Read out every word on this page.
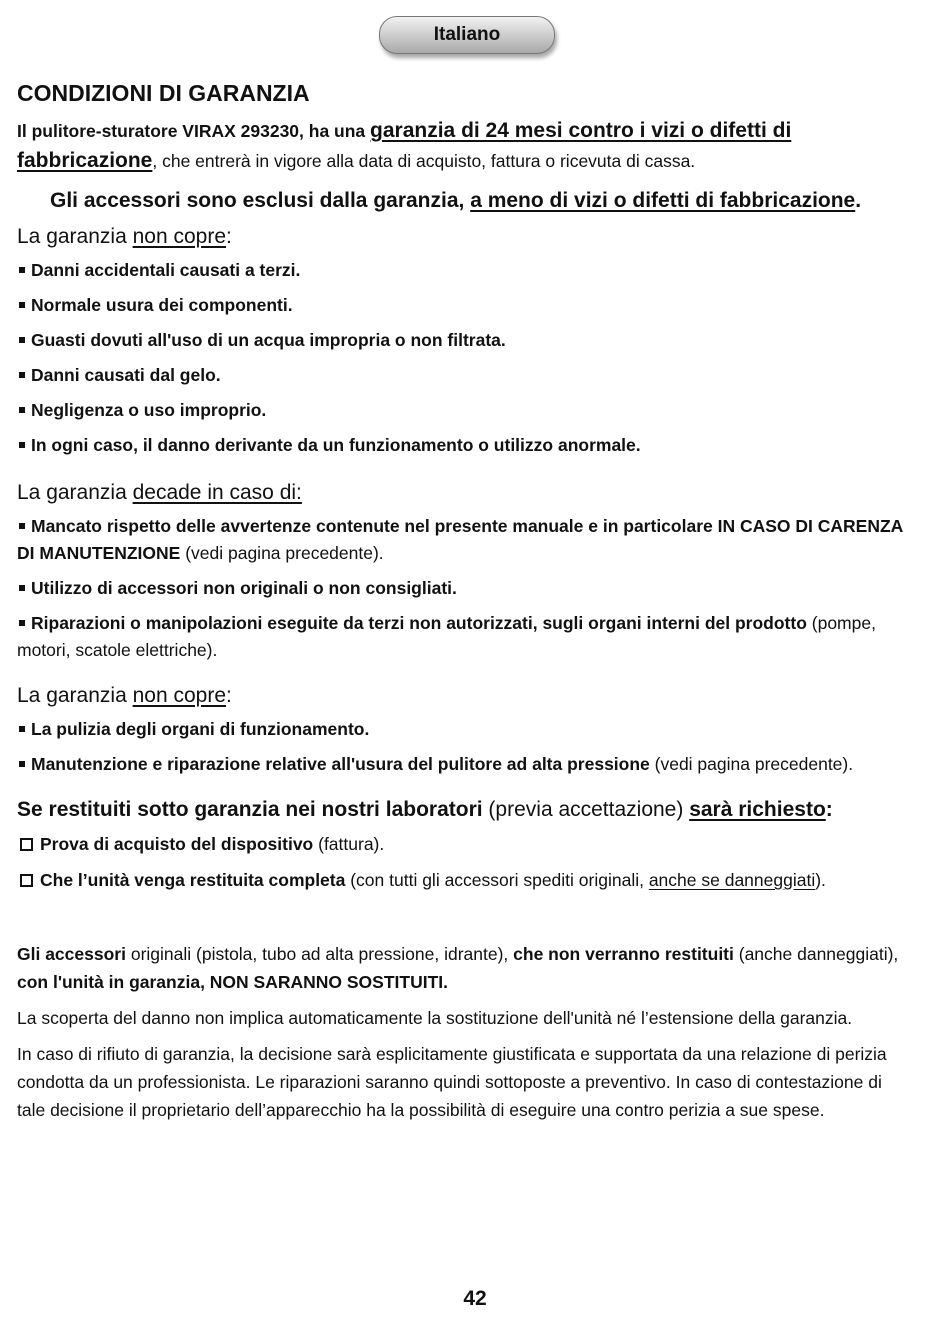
Italiano
CONDIZIONI DI GARANZIA

Il pulitore-sturatore VIRAX 293230, ha una garanzia di 24 mesi contro i vizi o difetti di fabbricazione, che entrerà in vigore alla data di acquisto, fattura o ricevuta di cassa.

Gli accessori sono esclusi dalla garanzia, a meno di vizi o difetti di fabbricazione.

La garanzia non copre:

Danni accidentali causati a terzi.

Normale usura dei componenti.

Guasti dovuti all'uso di un acqua impropria o non filtrata.

Danni causati dal gelo.

Negligenza o uso improprio.

In ogni caso, il danno derivante da un funzionamento o utilizzo anormale.

La garanzia decade in caso di:

Mancato rispetto delle avvertenze contenute nel presente manuale e in particolare IN CASO DI CARENZA DI MANUTENZIONE (vedi pagina precedente).

Utilizzo di accessori non originali o non consigliati.

Riparazioni o manipolazioni eseguite da terzi non autorizzati, sugli organi interni del prodotto (pompe, motori, scatole elettriche).

La garanzia non copre:

La pulizia degli organi di funzionamento.

Manutenzione e riparazione relative all'usura del pulitore ad alta pressione (vedi pagina precedente).

Se restituiti sotto garanzia nei nostri laboratori (previa accettazione) sarà richiesto:

Prova di acquisto del dispositivo (fattura).

Che l’unità venga restituita completa (con tutti gli accessori spediti originali, anche se danneggiati).

Gli accessori originali (pistola, tubo ad alta pressione, idrante), che non verranno restituiti (anche danneggiati), con l'unità in garanzia, NON SARANNO SOSTITUITI.

La scoperta del danno non implica automaticamente la sostituzione dell'unità né l’estensione della garanzia.

In caso di rifiuto di garanzia, la decisione sarà esplicitamente giustificata e supportata da una relazione di perizia condotta da un professionista. Le riparazioni saranno quindi sottoposte a preventivo. In caso di contestazione di tale decisione il proprietario dell’apparecchio ha la possibilità di eseguire una contro perizia a sue spese.

42
